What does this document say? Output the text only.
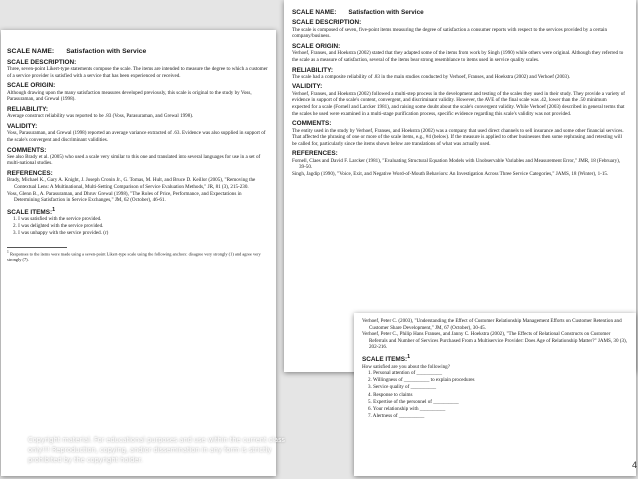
SCALE NAME: Satisfaction with Service
SCALE DESCRIPTION:

Three, seven-point Likert-type statements compose the scale. The items are intended to measure the degree to which a customer of a service provider is satisfied with a service that has been experienced or received.

SCALE ORIGIN:

Although drawing upon the many satisfaction measures developed previously, this scale is original to the study by Voss, Parasuraman, and Grewal (1998).

RELIABILITY:

Average construct reliability was reported to be .83 (Voss, Parasuraman, and Grewal 1998).

VALIDITY:

Voss, Parasuraman, and Grewal (1998) reported an average variance extracted of .63. Evidence was also supplied in support of the scale's convergent and discriminant validities.

COMMENTS:

See also Brady et al. (2005) who used a scale very similar to this one and translated into several languages for use in a set of multi-national studies.

REFERENCES:

Brady, Michael K., Gary A. Knight, J. Joseph Cronin Jr., G. Tomas, M. Hult, and Bruce D. Keillor (2005), "Removing the Contextual Lens: A Multinational, Multi-Setting Comparison of Service Evaluation Methods," JR, 81 (3), 215-230.

Voss, Glenn B., A. Parasuraman, and Dhruv Grewal (1998), "The Roles of Price, Performance, and Expectations in Determining Satisfaction in Service Exchanges," JM, 62 (October), 46-61.

SCALE ITEMS:$^1$

1. I was satisfied with the service provided.

2. I was delighted with the service provided.

3. I was unhappy with the service provided. (r)

$^1$ Responses to the items were made using a seven-point Likert-type scale using the following anchors: disagree very strongly (1) and agree very strongly (7).

SCALE NAME: Satisfaction with Service
SCALE DESCRIPTION:

The scale is composed of seven, five-point items measuring the degree of satisfaction a consumer reports with respect to the services provided by a certain company/business.

SCALE ORIGIN:

Verhoef, Franses, and Hoekstra (2002) stated that they adapted some of the items from work by Singh (1990) while others were original. Although they referred to the scale as a measure of satisfaction, several of the items bear strong resemblance to items used in service quality scales.

RELIABILITY:

The scale had a composite reliability of .83 in the main studies conducted by Verhoef, Franses, and Hoekstra (2002) and Verhoef (2003).

VALIDITY:

Verhoef, Franses, and Hoekstra (2002) followed a multi-step process in the development and testing of the scales they used in their study. They provide a variety of evidence in support of the scale's content, convergent, and discriminant validity. However, the AVE of the final scale was .42, lower than the .50 minimum expected for a scale (Fornell and Larcker 1981), and raising some doubt about the scale's convergent validity. While Verhoef (2003) described in general terms that the scales he used were examined in a multi-stage purification process, specific evidence regarding this scale's validity was not provided.

COMMENTS:

The entity used in the study by Verhoef, Franses, and Hoekstra (2002) was a company that used direct channels to sell insurance and some other financial services. That affected the phrasing of one or more of the scale items, e.g., #4 (below). If the measure is applied to other businesses then some rephrasing and retesting will be called for, particularly since the items shown below are translations of what was actually used.

REFERENCES:

Fornell, Claes and David F. Larcker (1981), "Evaluating Structural Equation Models with Unobservable Variables and Measurement Error," JMR, 18 (February), 39-50.

Singh, Jagdip (1990), "Voice, Exit, and Negative Word-of-Mouth Behaviors: An Investigation Across Three Service Categories," JAMS, 18 (Winter), 1-15.

Verhoef, Peter C. (2003), "Understanding the Effect of Customer Relationship Management Efforts on Customer Retention and Customer Share Development," JM, 67 (October), 30-45.

Verhoef, Peter C., Philip Hans Franses, and Janny C. Hoekstra (2002), "The Effects of Relational Constructs on Customer Referrals and Number of Services Purchased From a Multiservice Provider: Does Age of Relationship Matter?" JAMS, 30 (3), 202-216.

SCALE ITEMS:$^1$

How satisfied are you about the following?

1. Personal attention of __________

2. Willingness of __________ to explain procedures

3. Service quality of __________

4. Response to claims

5. Expertise of the personnel of __________

6. Your relationship with __________

7. Alertness of __________

Copyright material. For educational purposes and use within the current class only!!! Reproduction, copying, and/or dissemination in any form is strictly prohibited by the copyright holder.
4
